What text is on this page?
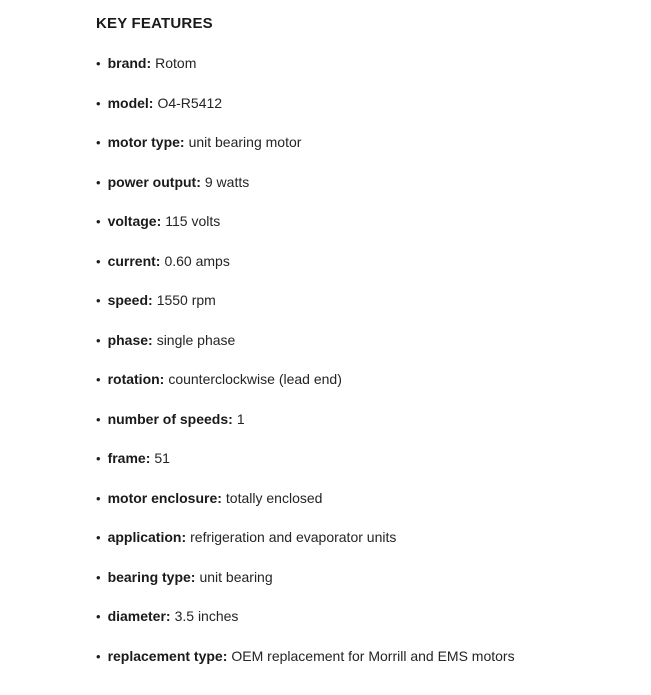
KEY FEATURES
• brand: Rotom
• model: O4-R5412
• motor type: unit bearing motor
• power output: 9 watts
• voltage: 115 volts
• current: 0.60 amps
• speed: 1550 rpm
• phase: single phase
• rotation: counterclockwise (lead end)
• number of speeds: 1
• frame: 51
• motor enclosure: totally enclosed
• application: refrigeration and evaporator units
• bearing type: unit bearing
• diameter: 3.5 inches
• replacement type: OEM replacement for Morrill and EMS motors
